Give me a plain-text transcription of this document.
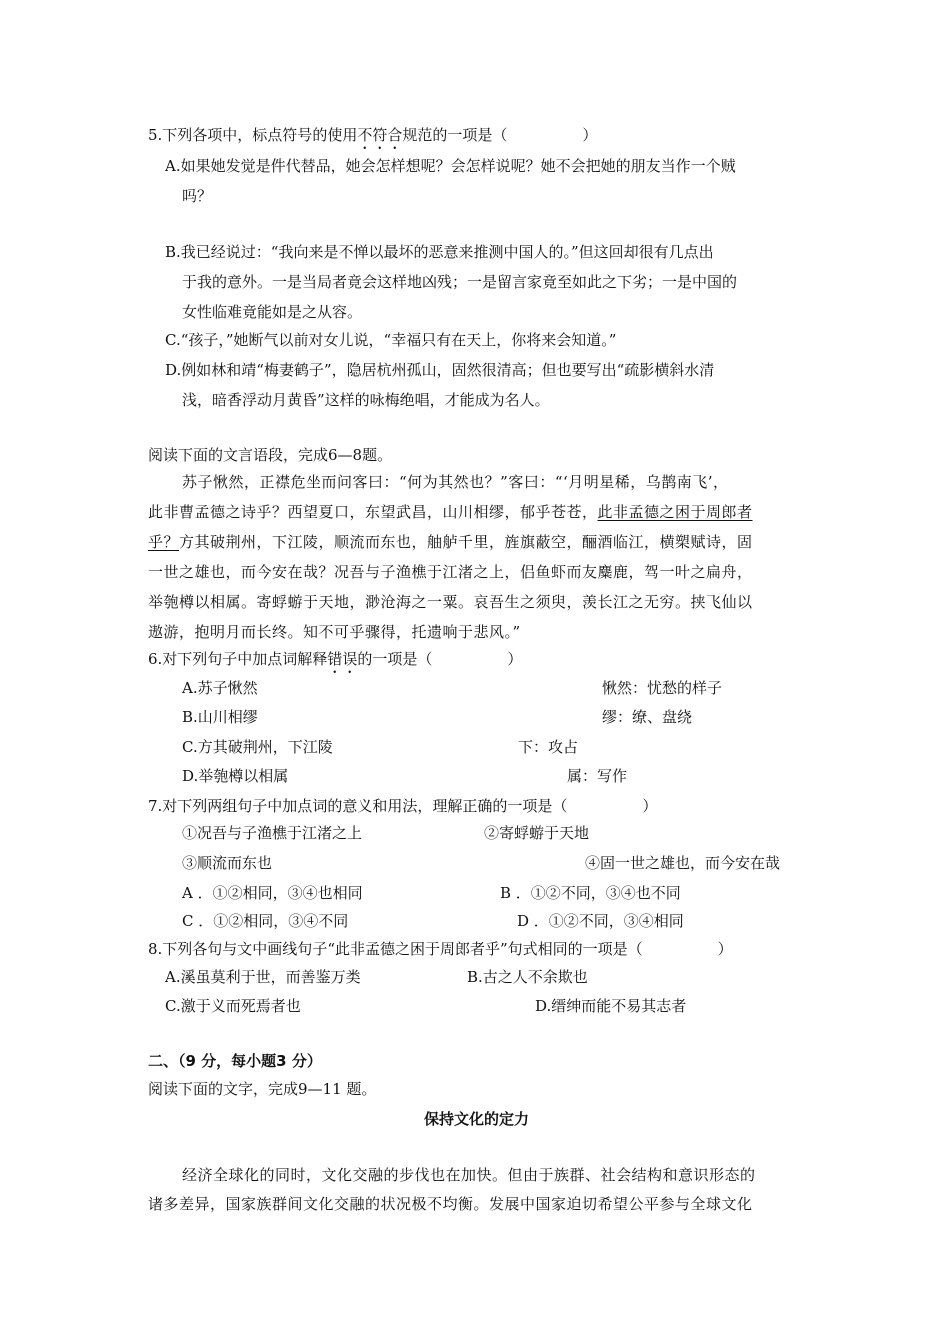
5.下列各项中，标点符号的使用不符合规范的一项是（　　　　　）
A.如果她发觉是件代替品，她会怎样想呢？会怎样说呢？她不会把她的朋友当作一个贼
吗？
B.我已经说过：“我向来是不惮以最坏的恶意来推测中国人的。”但这回却很有几点出
于我的意外。一是当局者竟会这样地凶残；一是留言家竟至如此之下劣；一是中国的
女性临难竟能如是之从容。
C.“孩子，”她断气以前对女儿说，“幸福只有在天上，你将来会知道。”
D.例如林和靖“梅妻鹤子”，隐居杭州孤山，固然很清高；但也要写出“疏影横斜水清
浅，暗香浮动月黄昏”这样的咏梅绝唱，才能成为名人。
阅读下面的文言语段，完成6—8题。
苏子愀然，正襟危坐而问客曰：“何为其然也？”客曰：“‘月明星稀，乌鹊南飞’，
此非曹孟德之诗乎？西望夏口，东望武昌，山川相缪，郁乎苍苍，此非孟德之困于周郎者
乎？方其破荆州，下江陵，顺流而东也，舳舻千里，旌旗蔽空，酾酒临江，横槊赋诗，固
一世之雄也，而今安在哉？况吾与子渔樵于江渚之上，侣鱼虾而友麋鹿，驾一叶之扁舟，
举匏樽以相属。寄蜉蝣于天地，渺沧海之一粟。哀吾生之须臾，羡长江之无穷。挟飞仙以
遨游，抱明月而长终。知不可乎骤得，托遗响于悲风。”
6.对下列句子中加点词解释错误的一项是（　　　　　）
A.苏子愀然	愀然：忧愁的样子
B.山川相缪	缪：缭、盘绕
C.方其破荆州，下江陵	下：攻占
D.举匏樽以相属	属：写作
7.对下列两组句子中加点词的意义和用法，理解正确的一项是（　　　　　）
①况吾与子渔樵于江渚之上	②寄蜉蝣于天地
③顺流而东也	④固一世之雄也，而今安在哉
A ．①②相同，③④也相同	B ．①②不同，③④也不同
C ．①②相同，③④不同	D ．①②不同，③④相同
8.下列各句与文中画线句子“此非孟德之困于周郎者乎”句式相同的一项是（　　　　　）
A.溪虽莫利于世，而善鉴万类	B.古之人不余欺也
C.激于义而死焉者也	D.缙绅而能不易其志者
二、（9 分，每小题3 分）
阅读下面的文字，完成9—11 题。
保持文化的定力
经济全球化的同时，文化交融的步伐也在加快。但由于族群、社会结构和意识形态的
诸多差异，国家族群间文化交融的状况极不均衡。发展中国家迫切希望公平参与全球文化
